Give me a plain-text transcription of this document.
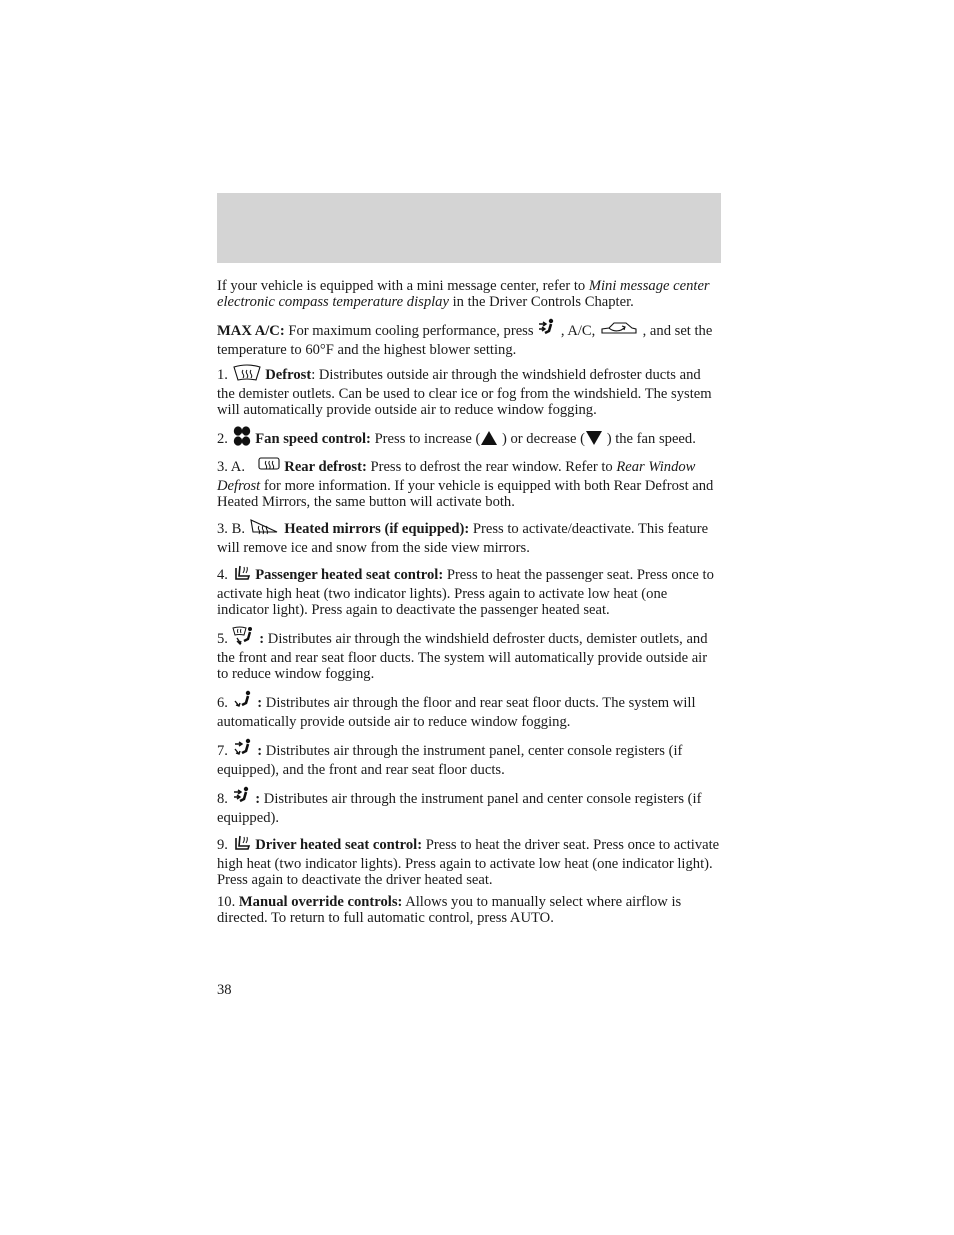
If your vehicle is equipped with a mini message center, refer to Mini message center electronic compass temperature display in the Driver Controls Chapter.

MAX A/C: For maximum cooling performance, press  , A/C,	, and set the temperature to 60°F and the highest blower setting.

1.  Defrost: Distributes outside air through the windshield defroster ducts and the demister outlets. Can be used to clear ice or fog from the windshield. The system will automatically provide outside air to reduce window fogging.

2.  Fan speed control: Press to increase ( ) or decrease ( ) the fan speed.

3. A.  Rear defrost: Press to defrost the rear window. Refer to Rear Window Defrost for more information. If your vehicle is equipped with both Rear Defrost and Heated Mirrors, the same button will activate both.

3. B.  Heated mirrors (if equipped): Press to activate/deactivate. This feature will remove ice and snow from the side view mirrors.

4.  Passenger heated seat control: Press to heat the passenger seat. Press once to activate high heat (two indicator lights). Press again to activate low heat (one indicator light). Press again to deactivate the passenger heated seat.

5.  : Distributes air through the windshield defroster ducts, demister outlets, and the front and rear seat floor ducts. The system will automatically provide outside air to reduce window fogging.

6.  : Distributes air through the floor and rear seat floor ducts. The system will automatically provide outside air to reduce window fogging.

7.  : Distributes air through the instrument panel, center console registers (if equipped), and the front and rear seat floor ducts.

8.  : Distributes air through the instrument panel and center console registers (if equipped).

9.  Driver heated seat control: Press to heat the driver seat. Press once to activate high heat (two indicator lights). Press again to activate low heat (one indicator light). Press again to deactivate the driver heated seat.

10. Manual override controls: Allows you to manually select where airflow is directed. To return to full automatic control, press AUTO.

38
